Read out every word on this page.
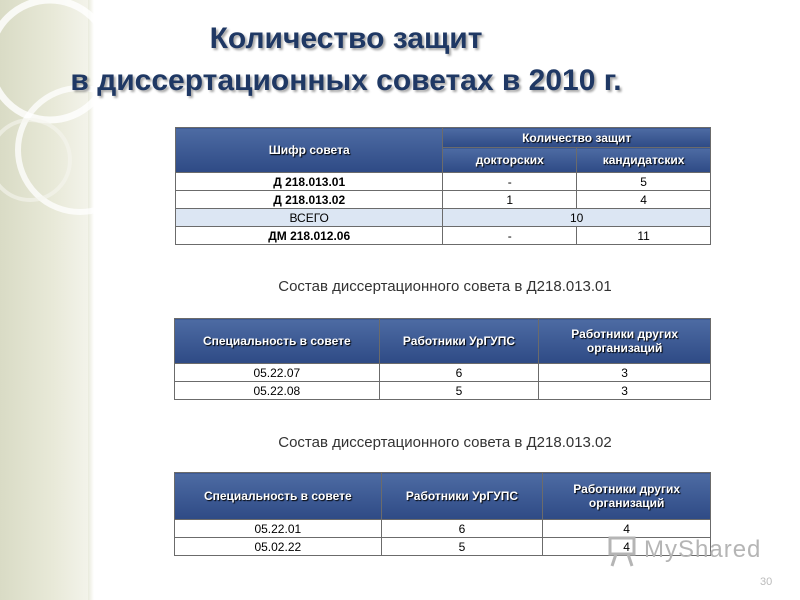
Количество защит
в диссертационных советах в 2010 г.
Шифр совета	Количество защит	
	докторских	кандидатских
Д 218.013.01	-	5
Д 218.013.02	1	4
ВСЕГО	10	
ДМ 218.012.06	-	11
Состав диссертационного совета в Д218.013.01
Специальность в совете	Работники УрГУПС	Работники других организаций
05.22.07	6	3
05.22.08	5	3
Состав диссертационного совета в Д218.013.02
Специальность в совете	Работники УрГУПС	Работники других организаций
05.22.01	6	4
05.02.22	5	4 MyShared
30
